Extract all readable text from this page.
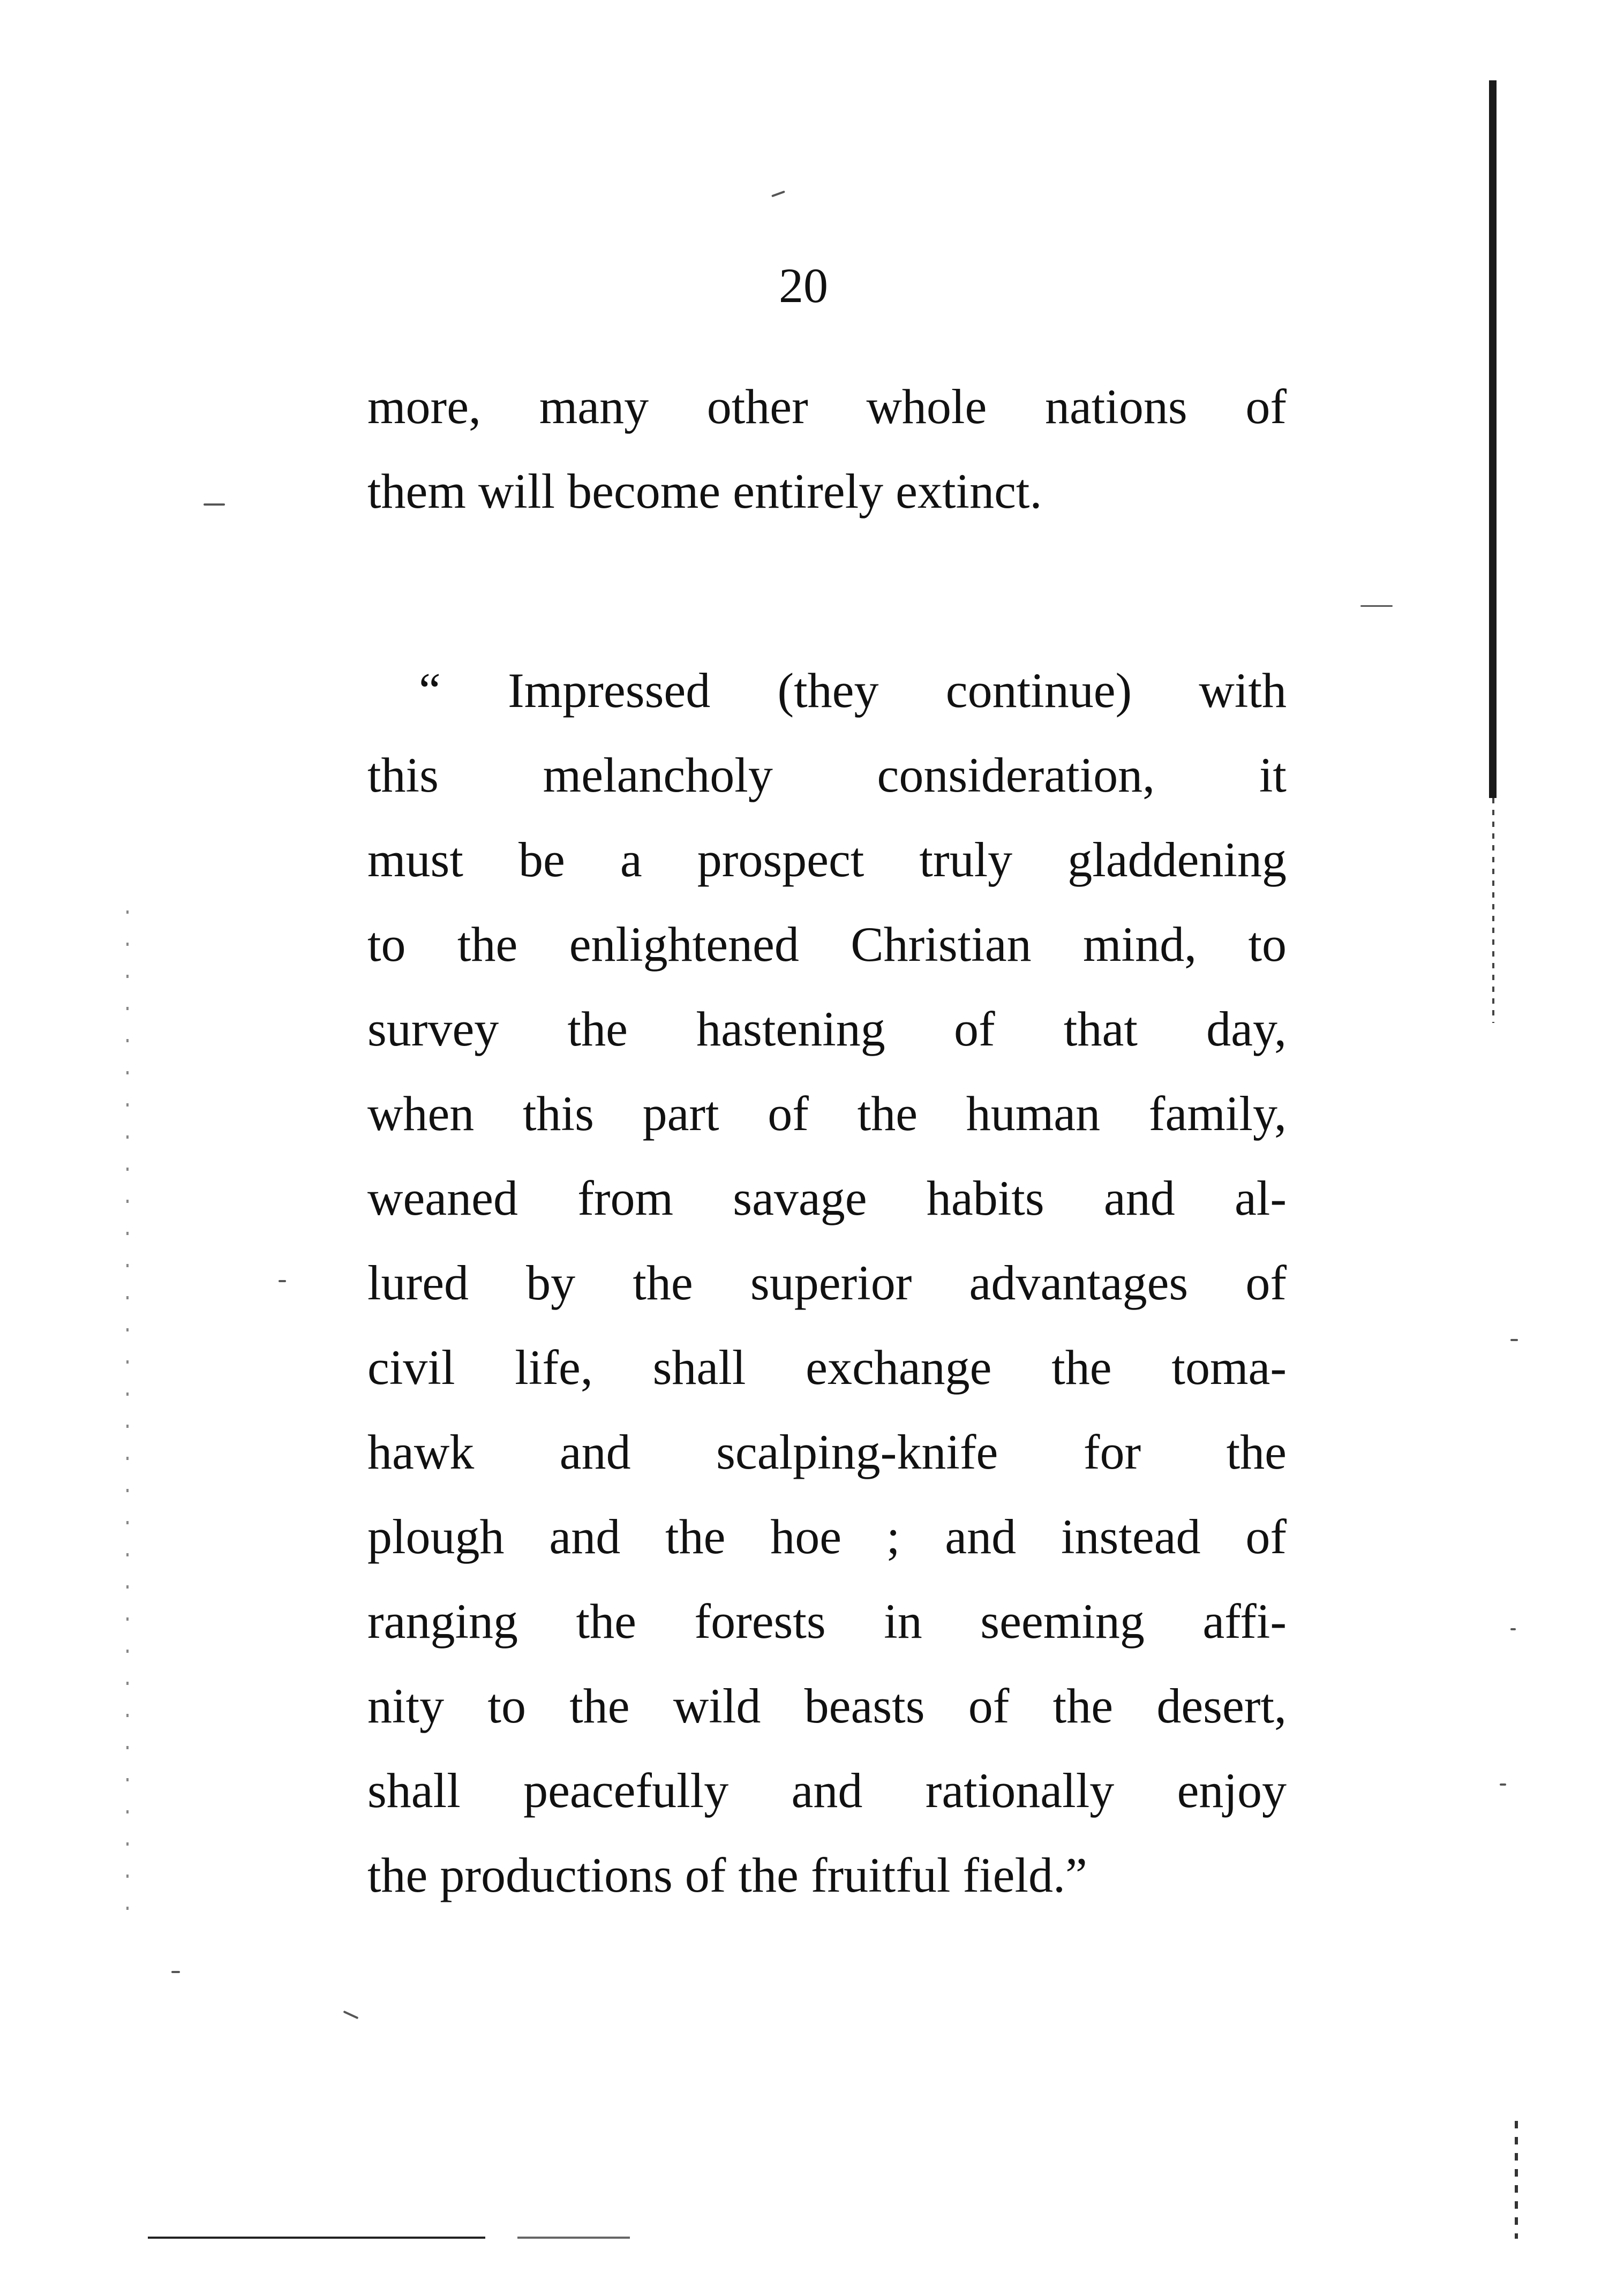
20
more, many other whole nations of
them will become entirely extinct.
“ Impressed (they continue) with
this melancholy consideration, it
must be a prospect truly gladdening
to the enlightened Christian mind, to
survey the hastening of that day,
when this part of the human family,
weaned from savage habits and al-
lured by the superior advantages of
civil life, shall exchange the toma-
hawk and scalping-knife for the
plough and the hoe ; and instead of
ranging the forests in seeming affi-
nity to the wild beasts of the desert,
shall peacefully and rationally enjoy
the productions of the fruitful field.”
